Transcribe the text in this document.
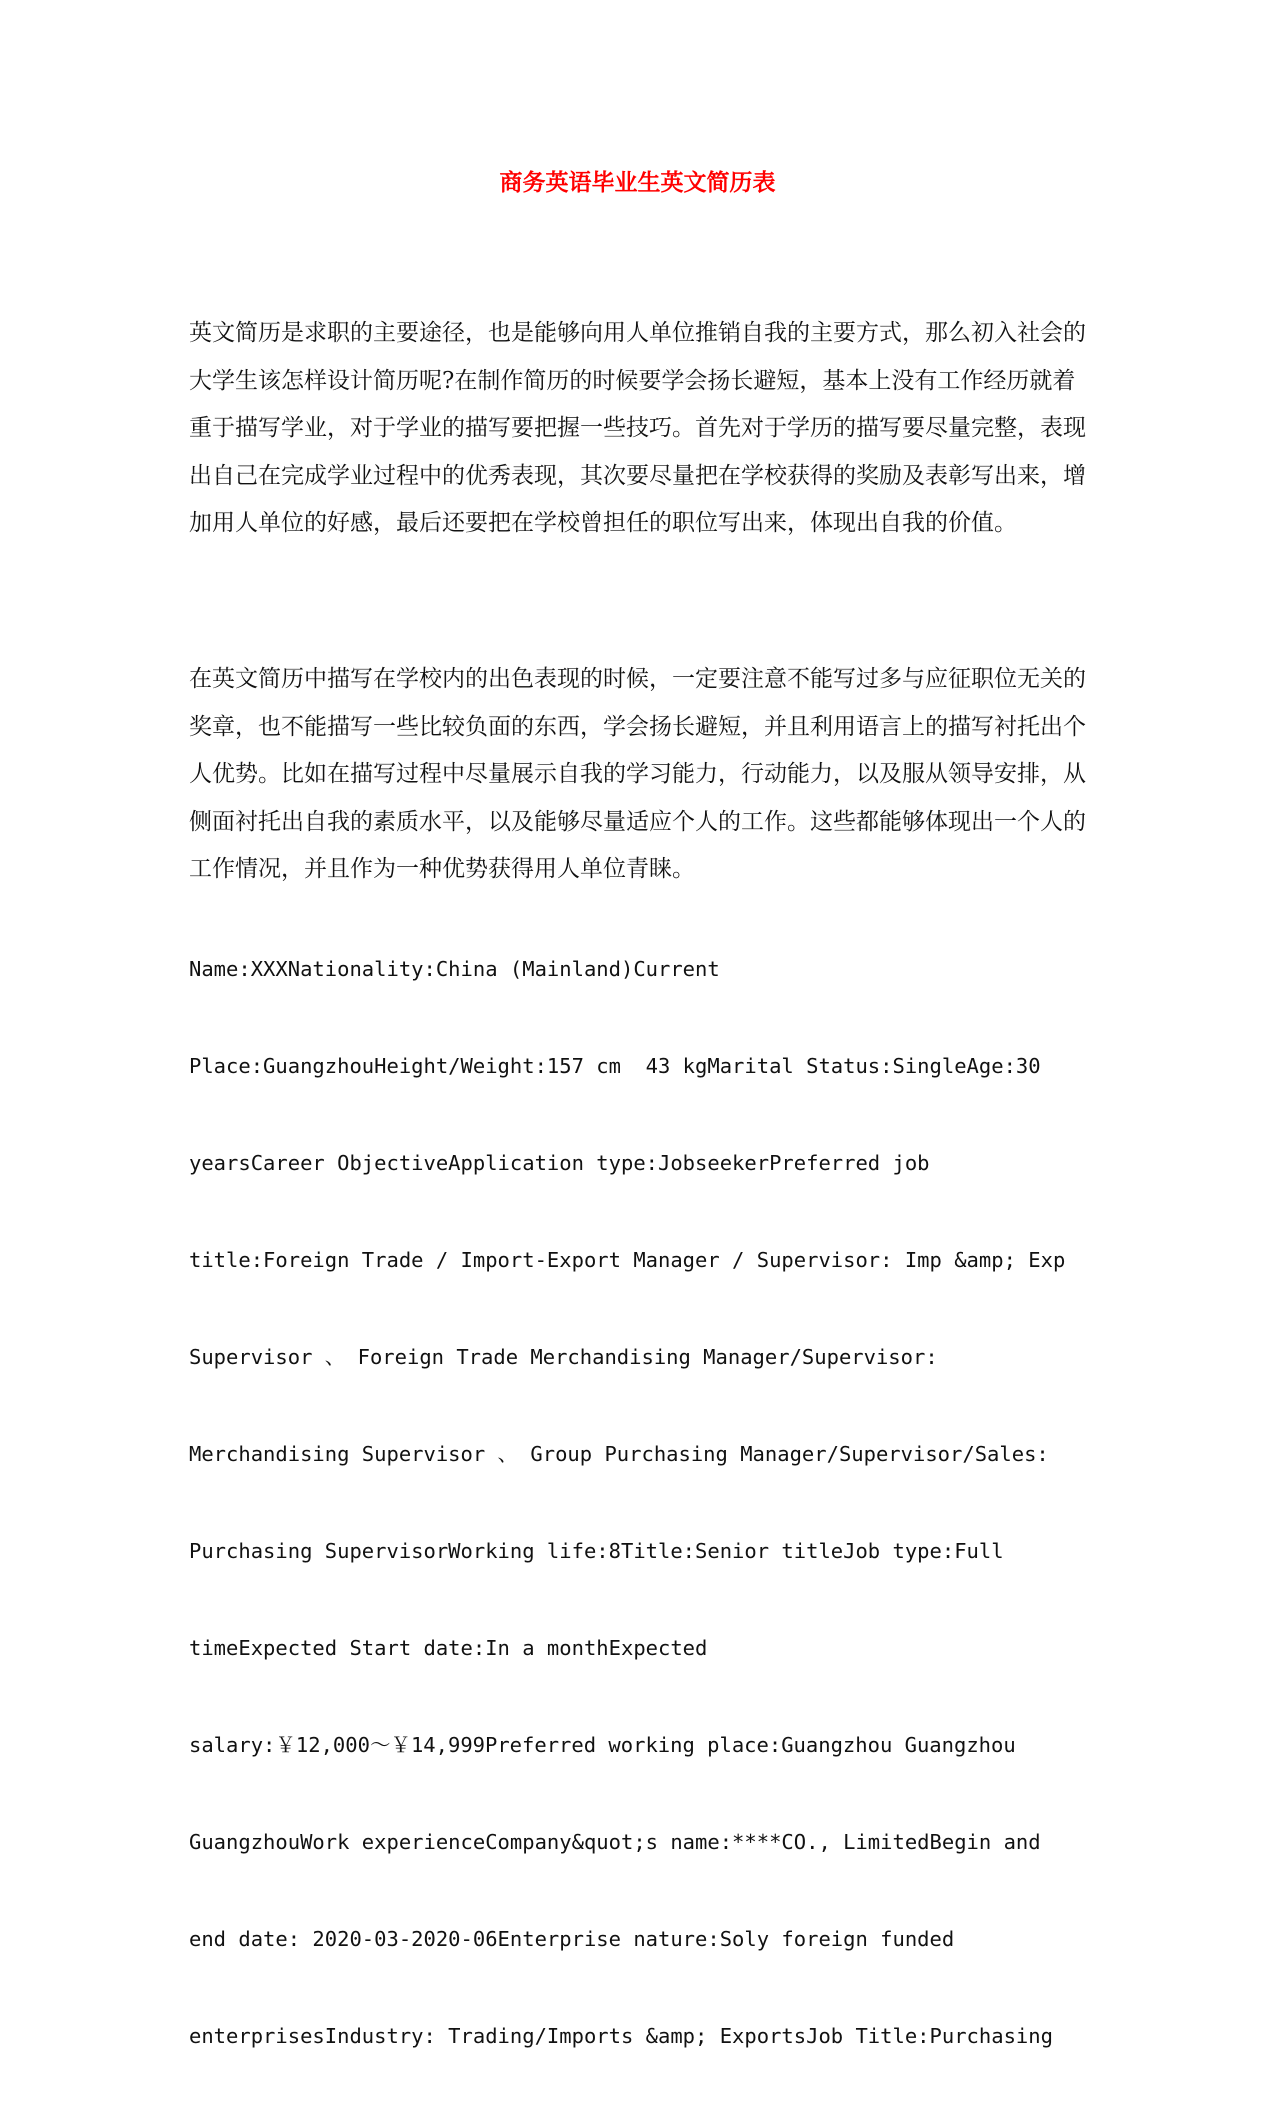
商务英语毕业生英文简历表

英文简历是求职的主要途径，也是能够向用人单位推销自我的主要方式，那么初入社会的大学生该怎样设计简历呢?在制作简历的时候要学会扬长避短，基本上没有工作经历就着重于描写学业，对于学业的描写要把握一些技巧。首先对于学历的描写要尽量完整，表现出自己在完成学业过程中的优秀表现，其次要尽量把在学校获得的奖励及表彰写出来，增加用人单位的好感，最后还要把在学校曾担任的职位写出来，体现出自我的价值。

在英文简历中描写在学校内的出色表现的时候，一定要注意不能写过多与应征职位无关的奖章，也不能描写一些比较负面的东西，学会扬长避短，并且利用语言上的描写衬托出个人优势。比如在描写过程中尽量展示自我的学习能力，行动能力，以及服从领导安排，从侧面衬托出自我的素质水平，以及能够尽量适应个人的工作。这些都能够体现出一个人的工作情况，并且作为一种优势获得用人单位青睐。

Name:XXXNationality:China (Mainland)Current

Place:GuangzhouHeight/Weight:157 cm  43 kgMarital Status:SingleAge:30

yearsCareer ObjectiveApplication type:JobseekerPreferred job

title:Foreign Trade / Import-Export Manager / Supervisor: Imp &amp; Exp

Supervisor 、 Foreign Trade Merchandising Manager/Supervisor:

Merchandising Supervisor 、 Group Purchasing Manager/Supervisor/Sales:

Purchasing SupervisorWorking life:8Title:Senior titleJob type:Full

timeExpected Start date:In a monthExpected

salary:￥12,000～￥14,999Preferred working place:Guangzhou Guangzhou

GuangzhouWork experienceCompany&quot;s name:****CO., LimitedBegin and

end date: 2020-03-2020-06Enterprise nature:Soly foreign funded

enterprisesIndustry: Trading/Imports &amp; ExportsJob Title:Purchasing
